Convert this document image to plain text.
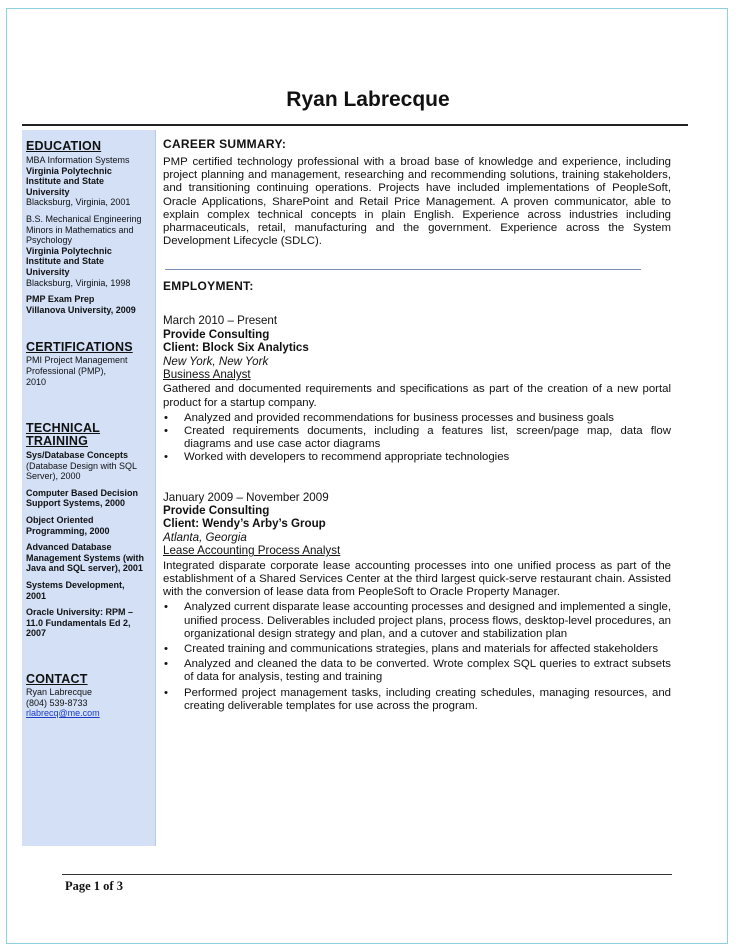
Ryan Labrecque
EDUCATION
MBA Information Systems
Virginia Polytechnic
Institute and State
University
Blacksburg, Virginia, 2001
B.S. Mechanical Engineering
Minors in Mathematics and
Psychology
Virginia Polytechnic
Institute and State
University
Blacksburg, Virginia, 1998
PMP Exam Prep
Villanova University, 2009
CERTIFICATIONS
PMI Project Management
Professional (PMP),
2010
TECHNICAL
TRAINING
Sys/Database Concepts
(Database Design with SQL
Server), 2000
Computer Based Decision
Support Systems, 2000
Object Oriented
Programming, 2000
Advanced Database
Management Systems (with
Java and SQL server), 2001
Systems Development,
2001
Oracle University: RPM –
11.0 Fundamentals Ed 2,
2007
CONTACT
Ryan Labrecque
(804) 539-8733
rlabrecq@me.com
CAREER SUMMARY:
PMP certified technology professional with a broad base of knowledge and experience, including project planning and management, researching and recommending solutions, training stakeholders, and transitioning continuing operations. Projects have included implementations of PeopleSoft, Oracle Applications, SharePoint and Retail Price Management. A proven communicator, able to explain complex technical concepts in plain English. Experience across industries including pharmaceuticals, retail, manufacturing and the government. Experience across the System Development Lifecycle (SDLC).
EMPLOYMENT:
March 2010 – Present
Provide Consulting
Client: Block Six Analytics
New York, New York
Business Analyst
Gathered and documented requirements and specifications as part of the creation of a new portal product for a startup company.
• Analyzed and provided recommendations for business processes and business goals
• Created requirements documents, including a features list, screen/page map, data flow diagrams and use case actor diagrams
• Worked with developers to recommend appropriate technologies
January 2009 – November 2009
Provide Consulting
Client: Wendy’s Arby’s Group
Atlanta, Georgia
Lease Accounting Process Analyst
Integrated disparate corporate lease accounting processes into one unified process as part of the establishment of a Shared Services Center at the third largest quick-serve restaurant chain. Assisted with the conversion of lease data from PeopleSoft to Oracle Property Manager.
• Analyzed current disparate lease accounting processes and designed and implemented a single, unified process. Deliverables included project plans, process flows, desktop-level procedures, an organizational design strategy and plan, and a cutover and stabilization plan
• Created training and communications strategies, plans and materials for affected stakeholders
• Analyzed and cleaned the data to be converted. Wrote complex SQL queries to extract subsets of data for analysis, testing and training
• Performed project management tasks, including creating schedules, managing resources, and creating deliverable templates for use across the program.
Page 1 of 3
